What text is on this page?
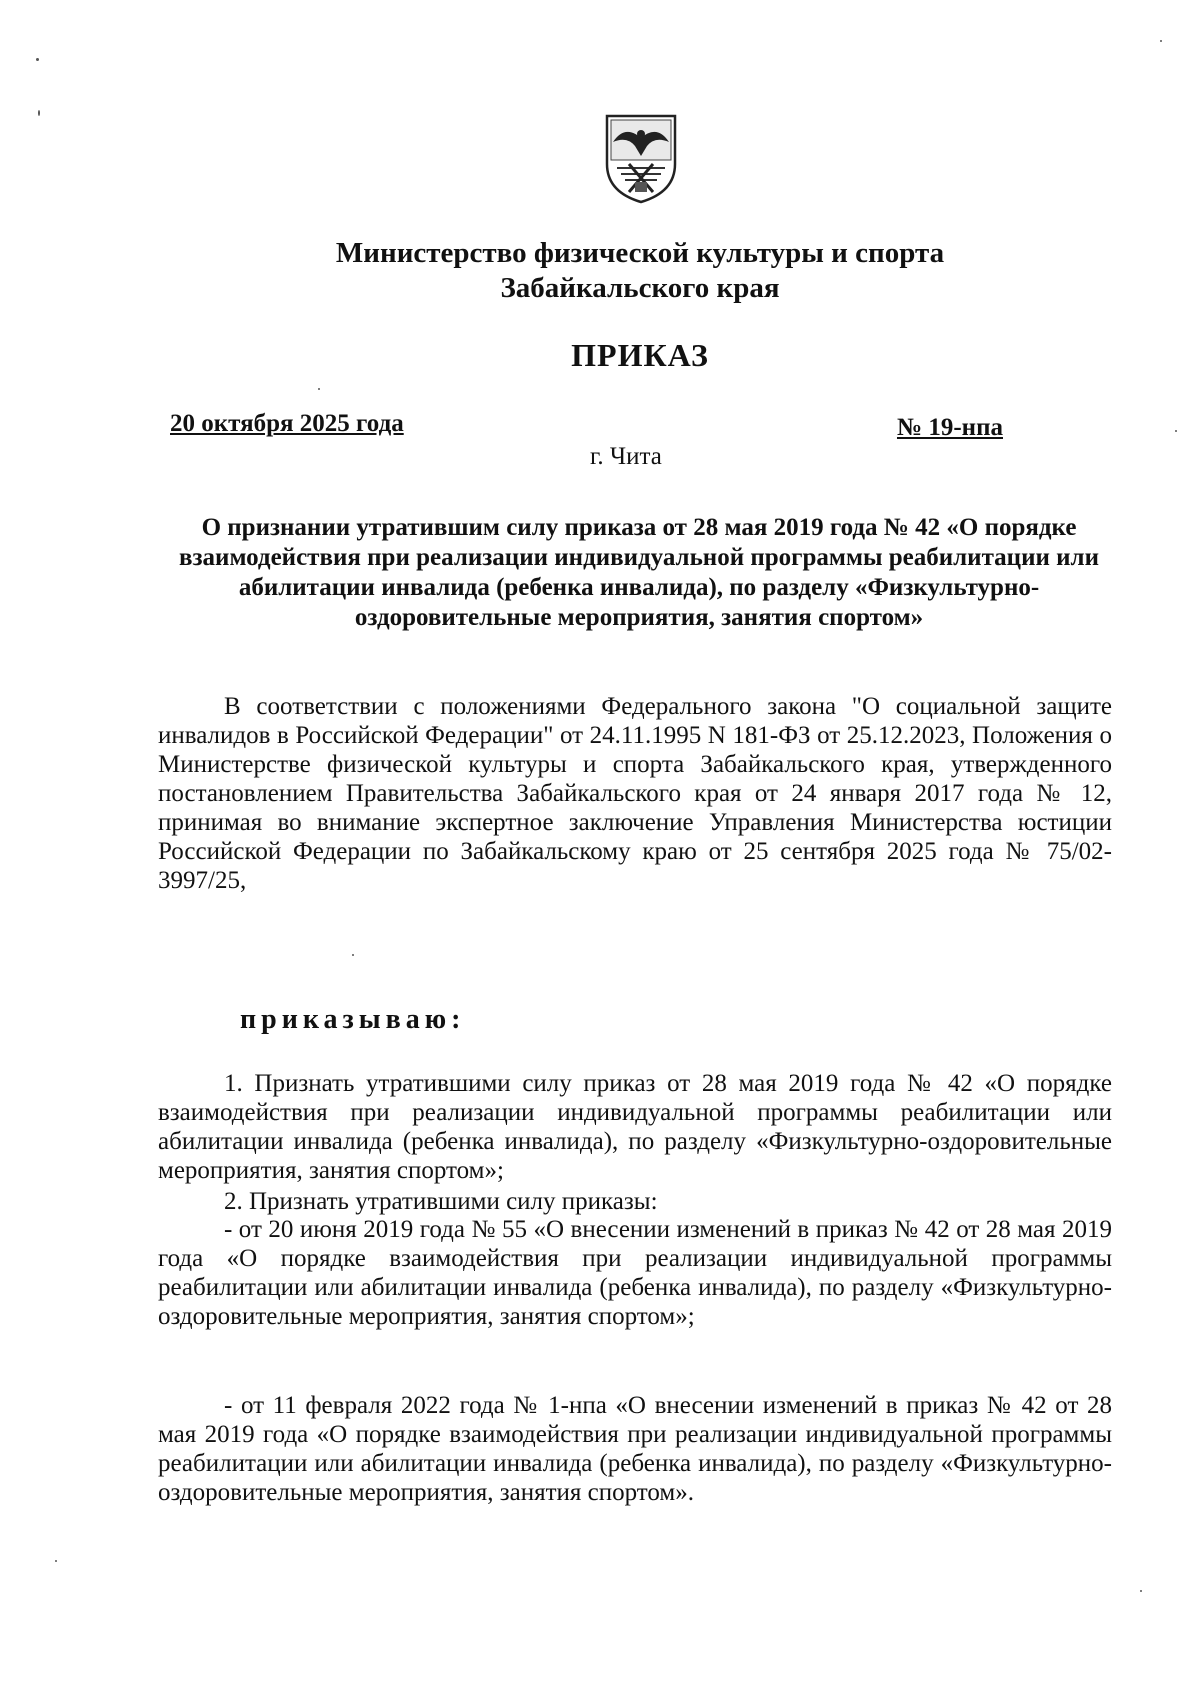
Министерство физической культуры и спорта
Забайкальского края
ПРИКАЗ
20 октября 2025 года	№ 19-нпа
г. Чита
О признании утратившим силу приказа от 28 мая 2019 года № 42 «О порядке взаимодействия при реализации индивидуальной программы реабилитации или абилитации инвалида (ребенка инвалида), по разделу «Физкультурно-оздоровительные мероприятия, занятия спортом»
В соответствии с положениями Федерального закона "О социальной защите инвалидов в Российской Федерации" от 24.11.1995 N 181-ФЗ от 25.12.2023, Положения о Министерстве физической культуры и спорта Забайкальского края, утвержденного постановлением Правительства Забайкальского края от 24 января 2017 года № 12, принимая во внимание экспертное заключение Управления Министерства юстиции Российской Федерации по Забайкальскому краю от 25 сентября 2025 года № 75/02-3997/25,
приказываю:
1. Признать утратившими силу приказ от 28 мая 2019 года № 42 «О порядке взаимодействия при реализации индивидуальной программы реабилитации или абилитации инвалида (ребенка инвалида), по разделу «Физкультурно-оздоровительные мероприятия, занятия спортом»;
2. Признать утратившими силу приказы:
- от 20 июня 2019 года № 55 «О внесении изменений в приказ № 42 от 28 мая 2019 года «О порядке взаимодействия при реализации индивидуальной программы реабилитации или абилитации инвалида (ребенка инвалида), по разделу «Физкультурно-оздоровительные мероприятия, занятия спортом»;
- от 11 февраля 2022 года № 1-нпа «О внесении изменений в приказ № 42 от 28 мая 2019 года «О порядке взаимодействия при реализации индивидуальной программы реабилитации или абилитации инвалида (ребенка инвалида), по разделу «Физкультурно-оздоровительные мероприятия, занятия спортом».
